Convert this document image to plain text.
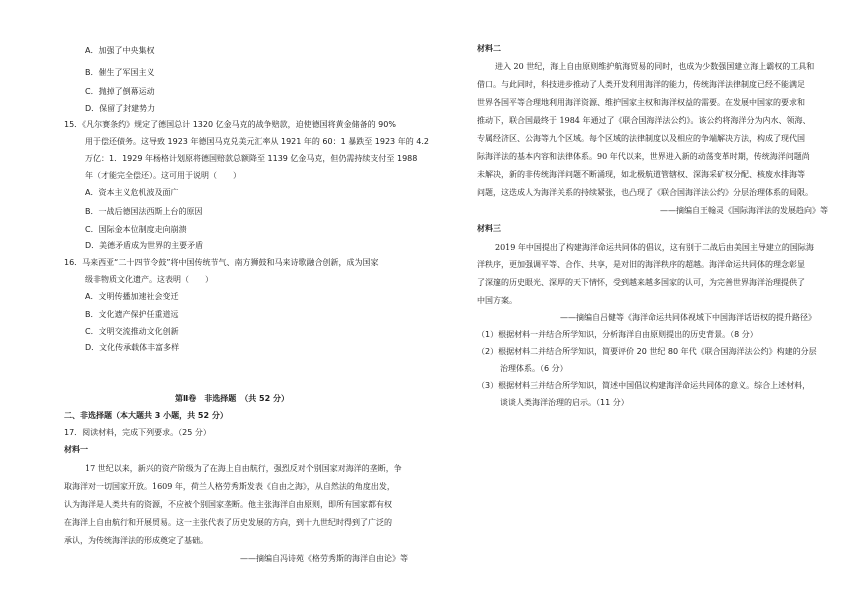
A．加强了中央集权
B．催生了军国主义
C．抛掉了倒幕运动
D．保留了封建势力
15．《凡尔赛条约》规定了德国总计 1320 亿金马克的战争赔款，迫使德国将黄金储备的 90%
用于偿还债务。这导致 1923 年德国马克兑美元汇率从 1921 年的 60：1 暴跌至 1923 年的 4.2
万亿：1．1929 年杨格计划原将德国赔款总额降至 1139 亿金马克，但仍需持续支付至 1988
年（才能完全偿还）。这可用于说明（　　）
A．资本主义危机波及面广
B．一战后德国法西斯上台的原因
C．国际金本位制度走向崩溃
D．美德矛盾成为世界的主要矛盾
16．马来西亚“二十四节令鼓”将中国传统节气、南方狮鼓和马来诗歌融合创新，成为国家
级非物质文化遗产。这表明（　　）
A．文明传播加速社会变迁
B．文化遗产保护任重道远
C．文明交流推动文化创新
D．文化传承载体丰富多样
第Ⅱ卷　非选择题　（共 52 分）
二、非选择题（本大题共 3 小题，共 52 分）
17．阅读材料，完成下列要求。（25 分）
材料一
17 世纪以来，新兴的资产阶级为了在海上自由航行，强烈反对个别国家对海洋的垄断，争
取海洋对一切国家开放。1609 年，荷兰人格劳秀斯发表《自由之海》，从自然法的角度出发，
认为海洋是人类共有的资源，不应被个别国家垄断。他主张海洋自由原则，即所有国家都有权
在海洋上自由航行和开展贸易。这一主张代表了历史发展的方向，到十九世纪时得到了广泛的
承认，为传统海洋法的形成奠定了基础。
——摘编自冯诗苑《格劳秀斯的海洋自由论》等
材料二
进入 20 世纪，海上自由原则维护航海贸易的同时，也成为少数强国建立海上霸权的工具和
借口。与此同时，科技进步推动了人类开发利用海洋的能力，传统海洋法律制度已经不能满足
世界各国平等合理地利用海洋资源、维护国家主权和海洋权益的需要。在发展中国家的要求和
推动下，联合国最终于 1984 年通过了《联合国海洋法公约》。该公约将海洋分为内水、领海、
专属经济区、公海等九个区域。每个区域的法律制度以及相应的争端解决方法，构成了现代国
际海洋法的基本内容和法律体系。90 年代以来，世界进入新的动荡变革时期，传统海洋问题尚
未解决，新的非传统海洋问题不断涌现，如北极航道管辖权、深海采矿权分配、核废水排海等
问题，这迭成人为海洋关系的持续紧张，也凸现了《联合国海洋法公约》分层治理体系的局限。
——摘编自王翰灵《国际海洋法的发展趋向》等
材料三
2019 年中国提出了构建海洋命运共同体的倡议，这有别于二战后由美国主导建立的国际海
洋秩序，更加强调平等、合作、共享，是对旧的海洋秩序的超越。海洋命运共同体的理念彰显
了深邃的历史眼光、深厚的天下情怀，受到越来越多国家的认可，为完善世界海洋治理提供了
中国方案。
——摘编自吕健等《海洋命运共同体视域下中国海洋话语权的提升路径》
（1）根据材料一并结合所学知识，分析海洋自由原则提出的历史背景。（8 分）
（2）根据材料二并结合所学知识，简要评价 20 世纪 80 年代《联合国海洋法公约》构建的分层
治理体系。（6 分）
（3）根据材料三并结合所学知识，简述中国倡议构建海洋命运共同体的意义。综合上述材料，
谈谈人类海洋治理的启示。（11 分）
